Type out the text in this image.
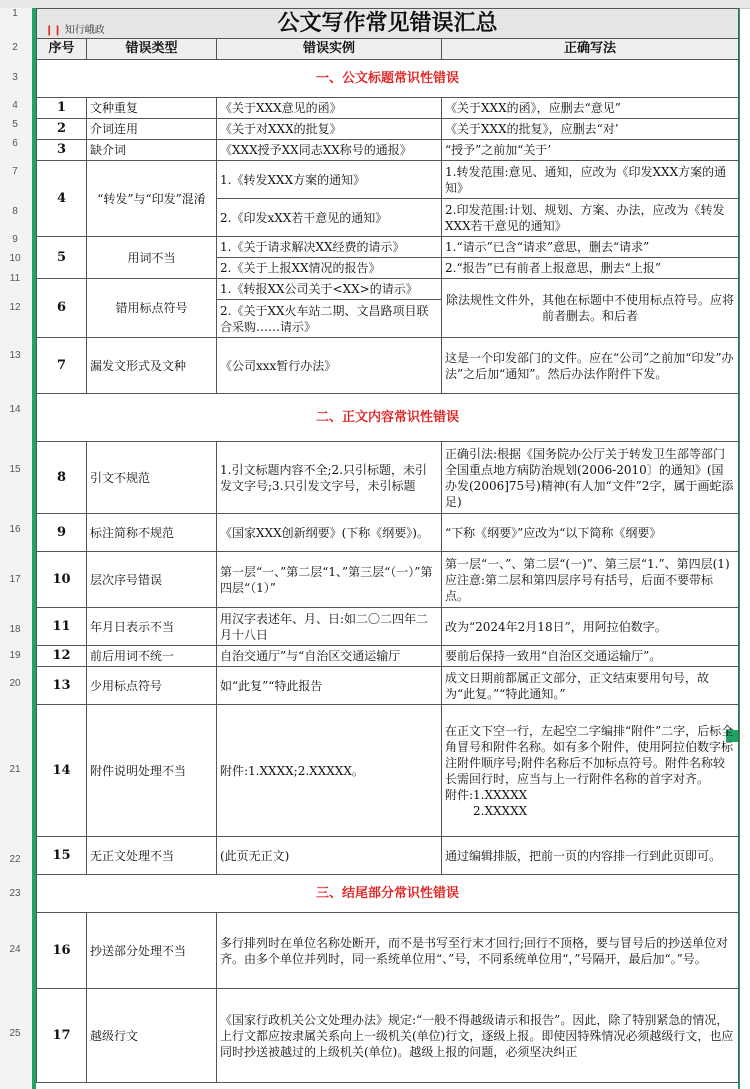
1
2
3
4
5
6
7
8
9
10
11
12
13
14
15
16
17
18
19
20
21
22
23
24
25
❙❙ 知行峨政 公文写作常见错误汇总			
序号	错误类型	错误实例	正确写法
一、公文标题常识性错误			
1	文种重复	《关于XXX意见的函》	《关于XXX的函》，应删去“意见”
2	介词连用	《关于对XXX的批复》	《关于XXX的批复》，应删去“对’
3	缺介词	《XXX授予XX同志XX称号的通报》	“授予”之前加“关于’
4	“转发”与“印发”混淆	1.《转发XXX方案的通知》	1.转发范围:意见、通知，应改为《印发XXX方案的通知》
		2.《印发xXX若干意见的通知》	2.印发范围:计划、规划、方案、办法，应改为《转发XXX若干意见的通知》
5	用词不当	1.《关于请求解决XX经费的请示》	1.“请示”已含“请求”意思，删去“请求”
		2.《关于上报XX情况的报告》	2.“报告”已有前者上报意思，删去“上报”
6	错用标点符号	1.《转报XX公司关于<XX>的请示》	除法规性文件外，其他在标题中不使用标点符号。应将前者删去。和后者
		2.《关于XX火车站二期、文昌路项目联合采购……请示》	
7	漏发文形式及文种	《公司xxx暂行办法》	这是一个印发部门的文件。应在“公司”之前加“印发”办法”之后加“通知”。然后办法作附件下发。
二、正文内容常识性错误			
8	引文不规范	1.引文标题内容不全;2.只引标题，未引发文字号;3.只引发文字号，未引标题	正确引法:根据《国务院办公厅关于转发卫生部等部门全国重点地方病防治规划(2006-2010〕的通知》(国办发(2006]75号)精神(有人加“文件”2字，属于画蛇添足)
9	标注简称不规范	《国家XXX创新纲要》(下称《纲要》)。	“下称《纲要》”应改为“以下简称《纲要》
10	层次序号错误	第一层“一、”第二层“1、”第三层“（一）”第四层“（1）”	第一层“一、”、第二层“(一)”、第三层“1.”、第四层(1)应注意:第二层和第四层序号有括号，后面不要带标点。
11	年月日表示不当	用汉字表述年、月、日:如二〇二四年二月十八日	改为“2024年2月18日”，用阿拉伯数字。
12	前后用词不统一	自治交通厅”与“自治区交通运输厅	要前后保持一致用“自治区交通运输厅”。
13	少用标点符号	如“此复”“特此报告	成文日期前都属正文部分，正文结束要用句号，故为“此复。”“特此通知。”
14	附件说明处理不当	附件:1.XXXX;2.XXXXX。	在正文下空一行，左起空二字编排“附件”二字，后标全角冒号和附件名称。如有多个附件，使用阿拉伯数字标注附件顺序号;附件名称后不加标点符号。附件名称较长需回行时，应当与上一行附件名称的首字对齐。
附件:1.XXXXX
2.XXXXX

15	无正文处理不当	(此页无正文)	通过编辑排版，把前一页的内容排一行到此页即可。
三、结尾部分常识性错误			
16	抄送部分处理不当	多行排列时在单位名称处断开，而不是书写至行末才回行;回行不顶格，要与冒号后的抄送单位对齐。由多个单位并列时，同一系统单位用“、”号，不同系统单位用“，”号隔开，最后加“。”号。	
17	越级行文	《国家行政机关公文处理办法》规定:“一般不得越级请示和报告”。因此，除了特别紧急的情况，上行文都应按隶属关系向上一级机关(单位)行文，逐级上报。即使因特殊情况必须越级行文，也应同时抄送被越过的上级机关(单位)。越级上报的问题，必须坚决纠正	
